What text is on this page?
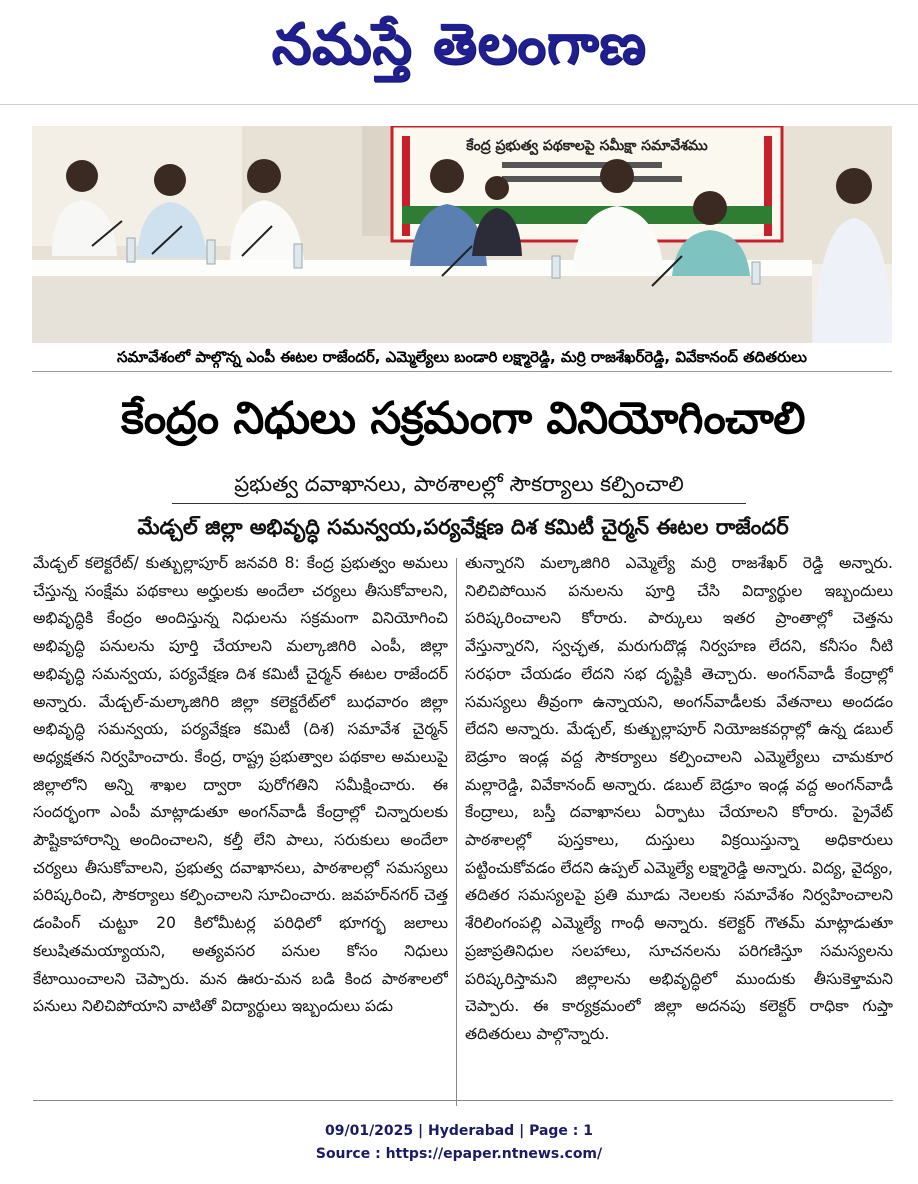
నమస్తే తెలంగాణ
కేంద్ర ప్రభుత్వ పథకాలపై సమీక్షా సమావేశము
సమావేశంలో పాల్గొన్న ఎంపీ ఈటల రాజేందర్, ఎమ్మెల్యేలు బండారి లక్ష్మారెడ్డి, మర్రి రాజశేఖర్‌రెడ్డి, వివేకానంద్ తదితరులు
కేంద్రం నిధులు సక్రమంగా వినియోగించాలి
ప్రభుత్వ దవాఖానలు, పాఠశాలల్లో సౌకర్యాలు కల్పించాలి
మేడ్చల్ జిల్లా అభివృద్ధి సమన్వయ,పర్యవేక్షణ దిశ కమిటీ చైర్మన్ ఈటల రాజేందర్

మేడ్చల్ కలెక్టరేట్/ కుత్బుల్లాపూర్ జనవరి 8: కేంద్ర ప్రభుత్వం అమలు చేస్తున్న సంక్షేమ పథకాలు అర్హులకు అందేలా చర్యలు తీసుకోవాలని, అభివృద్ధికి కేంద్రం అందిస్తున్న నిధులను సక్రమంగా వినియోగించి అభివృద్ధి పనులను పూర్తి చేయాలని మల్కాజిగిరి ఎంపీ, జిల్లా అభివృద్ధి సమన్వయ, పర్యవేక్షణ దిశ కమిటీ చైర్మన్ ఈటల రాజేందర్ అన్నారు. మేడ్చల్-మల్కాజిగిరి జిల్లా కలెక్టరేట్‌లో బుధవారం జిల్లా అభివృద్ధి సమన్వయ, పర్యవేక్షణ కమిటీ (దిశ) సమావేశ చైర్మన్ అధ్యక్షతన నిర్వహించారు. కేంద్ర, రాష్ట్ర ప్రభుత్వాల పథకాల అమలుపై జిల్లాలోని అన్ని శాఖల ద్వారా పురోగతిని సమీక్షించారు. ఈ సందర్భంగా ఎంపీ మాట్లాడుతూ అంగన్‌వాడీ కేంద్రాల్లో చిన్నారులకు పౌష్టికాహారాన్ని అందించాలని, కల్తీ లేని పాలు, సరుకులు అందేలా చర్యలు తీసుకోవాలని, ప్రభుత్వ దవాఖానలు, పాఠశాలల్లో సమస్యలు పరిష్కరించి, సౌకర్యాలు కల్పించాలని సూచించారు. జవహర్‌నగర్ చెత్త డంపింగ్ చుట్టూ 20 కిలోమీటర్ల పరిధిలో భూగర్భ జలాలు కలుషితమయ్యాయని, అత్యవసర పనుల కోసం నిధులు కేటాయించాలని చెప్పారు. మన ఊరు-మన బడి కింద పాఠశాలలో పనులు నిలిచిపోయాని వాటితో విద్యార్థులు ఇబ్బందులు పడు

తున్నారని మల్కాజిగిరి ఎమ్మెల్యే మర్రి రాజశేఖర్ రెడ్డి అన్నారు. నిలిచిపోయిన పనులను పూర్తి చేసి విద్యార్థుల ఇబ్బందులు పరిష్కరించాలని కోరారు. పార్కులు ఇతర ప్రాంతాల్లో చెత్తను వేస్తున్నారని, స్వచ్ఛత, మరుగుదొడ్ల నిర్వహణ లేదని, కనీసం నీటి సరఫరా చేయడం లేదని సభ దృష్టికి తెచ్చారు. అంగన్‌వాడీ కేంద్రాల్లో సమస్యలు తీవ్రంగా ఉన్నాయని, అంగన్‌వాడీలకు వేతనాలు అందడం లేదని అన్నారు. మేడ్చల్, కుత్బుల్లాపూర్ నియోజకవర్గాల్లో ఉన్న డబుల్ బెడ్రూం ఇండ్ల వద్ద సౌకర్యాలు కల్పించాలని ఎమ్మెల్యేలు చామకూర మల్లారెడ్డి, వివేకానంద్ అన్నారు. డబుల్ బెడ్రూం ఇండ్ల వద్ద అంగన్‌వాడీ కేంద్రాలు, బస్తీ దవాఖానలు ఏర్పాటు చేయాలని కోరారు. ప్రైవేట్ పాఠశాలల్లో పుస్తకాలు, దుస్తులు విక్రయిస్తున్నా అధికారులు పట్టించుకోవడం లేదని ఉప్పల్ ఎమ్మెల్యే లక్ష్మారెడ్డి అన్నారు. విద్య, వైద్యం, తదితర సమస్యలపై ప్రతి మూడు నెలలకు సమావేశం నిర్వహించాలని శేరిలింగంపల్లి ఎమ్మెల్యే గాంధీ అన్నారు. కలెక్టర్ గౌతమ్ మాట్లాడుతూ ప్రజాప్రతినిధుల సలహాలు, సూచనలను పరిగణిస్తూ సమస్యలను పరిష్కరిస్తామని జిల్లాలను అభివృద్ధిలో ముందుకు తీసుకెళ్తామని చెప్పారు. ఈ కార్యక్రమంలో జిల్లా అదనపు కలెక్టర్ రాధికా గుప్తా తదితరులు పాల్గొన్నారు.

09/01/2025 | Hyderabad | Page : 1
Source : https://epaper.ntnews.com/
